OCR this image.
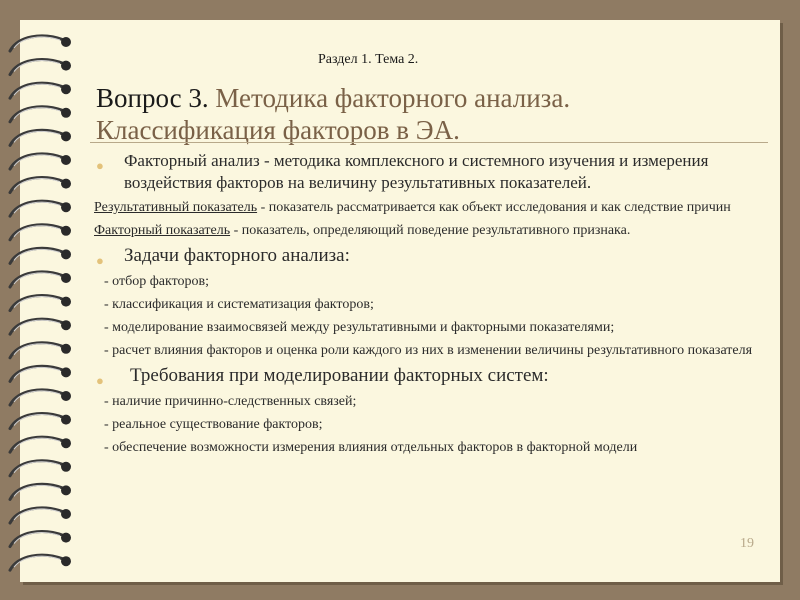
Раздел 1. Тема 2.
Вопрос 3. Методика факторного анализа.
Классификация факторов в ЭА.
● Факторный анализ - методика комплексного и системного изучения и измерения воздействия факторов на величину результативных показателей.
Результативный показатель - показатель рассматривается как объект исследования и как следствие причин
Факторный показатель - показатель, определяющий поведение результативного признака.
● Задачи факторного анализа:
- отбор факторов;
- классификация и систематизация факторов;
- моделирование взаимосвязей между результативными и факторными показателями;
- расчет влияния факторов и оценка роли каждого из них в изменении величины результативного показателя
● Требования при моделировании факторных систем:
- наличие причинно-следственных связей;
- реальное существование факторов;
- обеспечение возможности измерения влияния отдельных факторов в факторной модели
19
